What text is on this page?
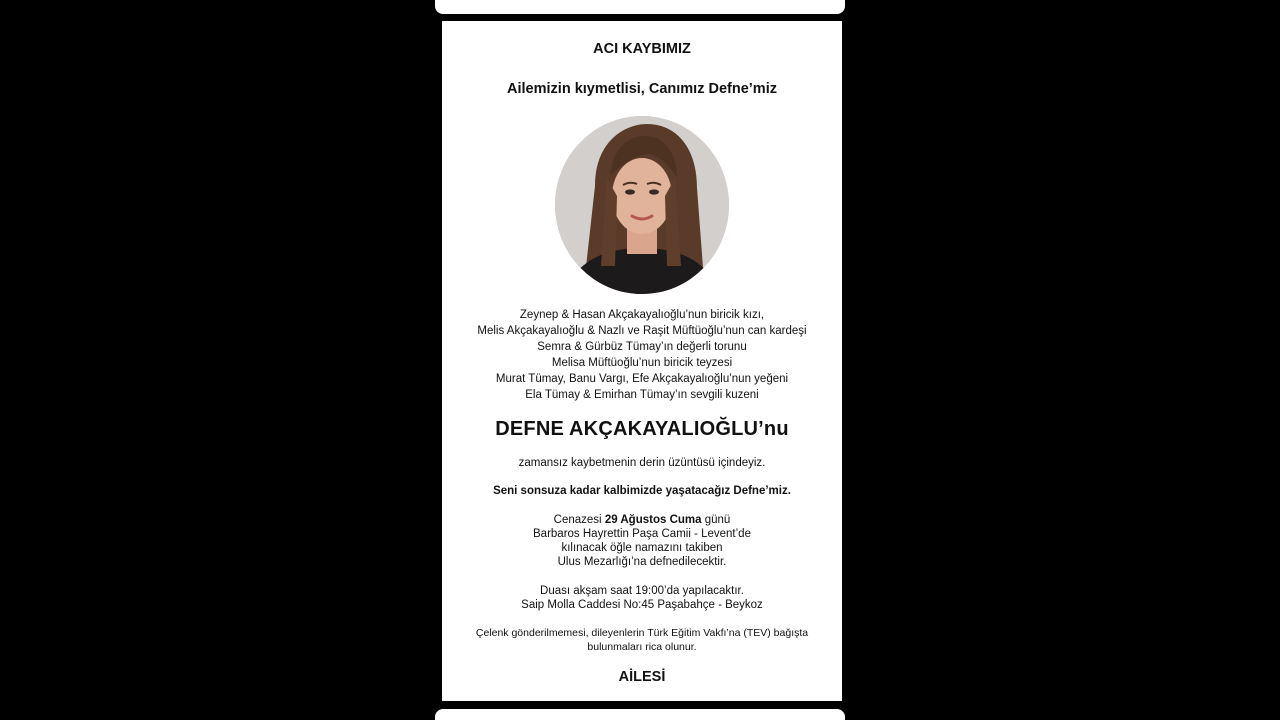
ACI KAYBIMIZ
Ailemizin kıymetlisi, Canımız Defne’miz
Zeynep & Hasan Akçakayalıoğlu’nun biricik kızı,
Melis Akçakayalıoğlu & Nazlı ve Raşit Müftüoğlu’nun can kardeşi
Semra & Gürbüz Tümay’ın değerli torunu
Melisa Müftüoğlu’nun biricik teyzesi
Murat Tümay, Banu Vargı, Efe Akçakayalıoğlu’nun yeğeni
Ela Tümay & Emirhan Tümay’ın sevgili kuzeni
DEFNE AKÇAKAYALIOĞLU’nu
zamansız kaybetmenin derin üzüntüsü içindeyiz.
Seni sonsuza kadar kalbimizde yaşatacağız Defne’miz.
Cenazesi 29 Ağustos Cuma günü
Barbaros Hayrettin Paşa Camii - Levent’de
kılınacak öğle namazını takiben
Ulus Mezarlığı’na defnedilecektir.
Duası akşam saat 19:00’da yapılacaktır.
Saip Molla Caddesi No:45 Paşabahçe - Beykoz
Çelenk gönderilmemesi, dileyenlerin Türk Eğitim Vakfı’na (TEV) bağışta
bulunmaları rica olunur.
AİLESİ
